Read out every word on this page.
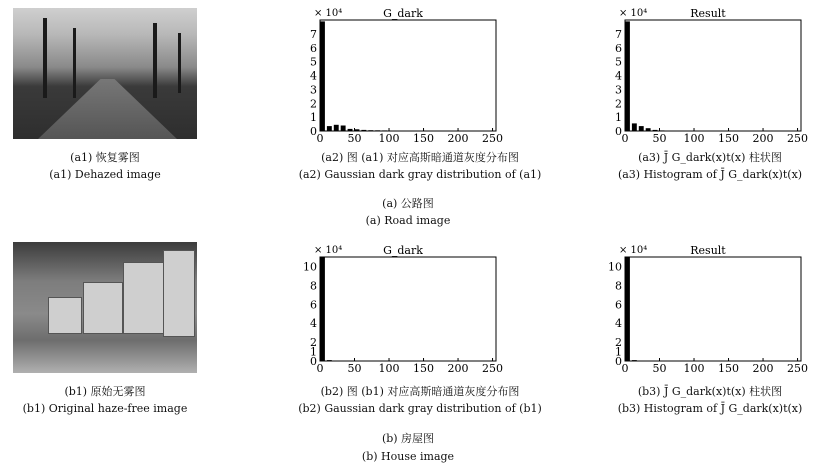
(a1) 恢复雾图
(a1) Dehazed image
(a2) 图 (a1) 对应高斯暗通道灰度分布图
(a2) Gaussian dark gray distribution of (a1)
(a3) J̄ G_dark(x)t(x) 柱状图
(a3) Histogram of J̄ G_dark(x)t(x)
(a) 公路图
(a) Road image
(b1) 原始无雾图
(b1) Original haze-free image
(b2) 图 (b1) 对应高斯暗通道灰度分布图
(b2) Gaussian dark gray distribution of (b1)
(b3) J̄ G_dark(x)t(x) 柱状图
(b3) Histogram of J̄ G_dark(x)t(x)
(b) 房屋图
(b) House image
0 50 100 150 200 250
0
1
2
3
4
5
6
7
× 10⁴	G_dark
0 50 100 150 200 250
0
1
2
3
4
5
6
7
× 10⁴	Result
0 50 100 150 200 250
0
1
2
4
6
8
10
× 10⁴	G_dark
0 50 100 150 200 250
0
1
2
4
6
8
10
× 10⁴	Result
